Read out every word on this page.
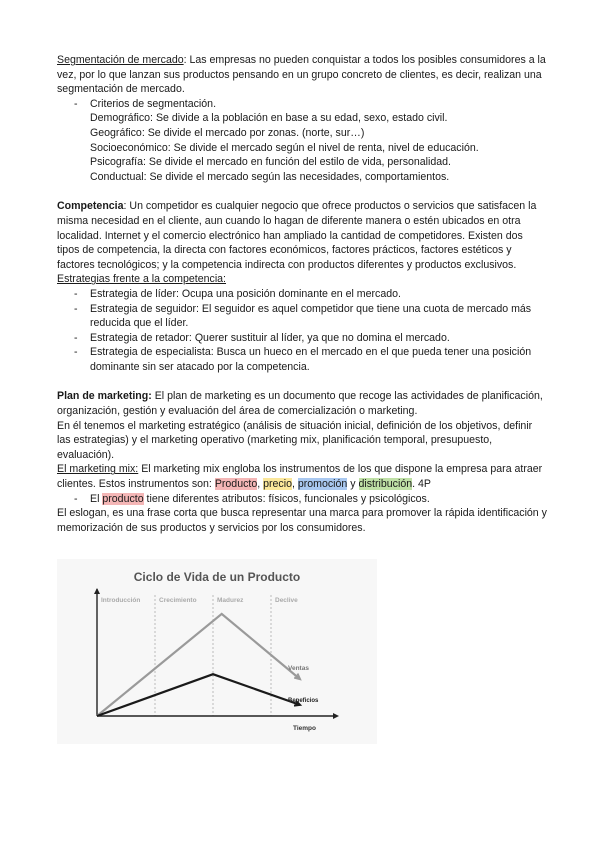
Segmentación de mercado: Las empresas no pueden conquistar a todos los posibles consumidores a la vez, por lo que lanzan sus productos pensando en un grupo concreto de clientes, es decir, realizan una segmentación de mercado.

- Criterios de segmentación.
Demográfico: Se divide a la población en base a su edad, sexo, estado civil.
Geográfico: Se divide el mercado por zonas. (norte, sur…)
Socioeconómico: Se divide el mercado según el nivel de renta, nivel de educación.
Psicografía: Se divide el mercado en función del estilo de vida, personalidad.
Conductual: Se divide el mercado según las necesidades, comportamientos.

Competencia: Un competidor es cualquier negocio que ofrece productos o servicios que satisfacen la misma necesidad en el cliente, aun cuando lo hagan de diferente manera o estén ubicados en otra localidad. Internet y el comercio electrónico han ampliado la cantidad de competidores. Existen dos tipos de competencia, la directa con factores económicos, factores prácticos, factores estéticos y factores tecnológicos; y la competencia indirecta con productos diferentes y productos exclusivos.

Estrategias frente a la competencia:

- Estrategia de líder: Ocupa una posición dominante en el mercado.
- Estrategia de seguidor: El seguidor es aquel competidor que tiene una cuota de mercado más reducida que el líder.
- Estrategia de retador: Querer sustituir al líder, ya que no domina el mercado.
- Estrategia de especialista: Busca un hueco en el mercado en el que pueda tener una posición dominante sin ser atacado por la competencia.

Plan de marketing: El plan de marketing es un documento que recoge las actividades de planificación, organización, gestión y evaluación del área de comercialización o marketing.

En él tenemos el marketing estratégico (análisis de situación inicial, definición de los objetivos, definir las estrategias) y el marketing operativo (marketing mix, planificación temporal, presupuesto, evaluación).

El marketing mix: El marketing mix engloba los instrumentos de los que dispone la empresa para atraer clientes. Estos instrumentos son: Producto, precio, promoción y distribución. 4P

- El producto tiene diferentes atributos: físicos, funcionales y psicológicos.

El eslogan, es una frase corta que busca representar una marca para promover la rápida identificación y memorización de sus productos y servicios por los consumidores.

Ciclo de Vida de un Producto
Introducción	Crecimiento	Madurez	Declive
Ventas
Beneficios
Tiempo
